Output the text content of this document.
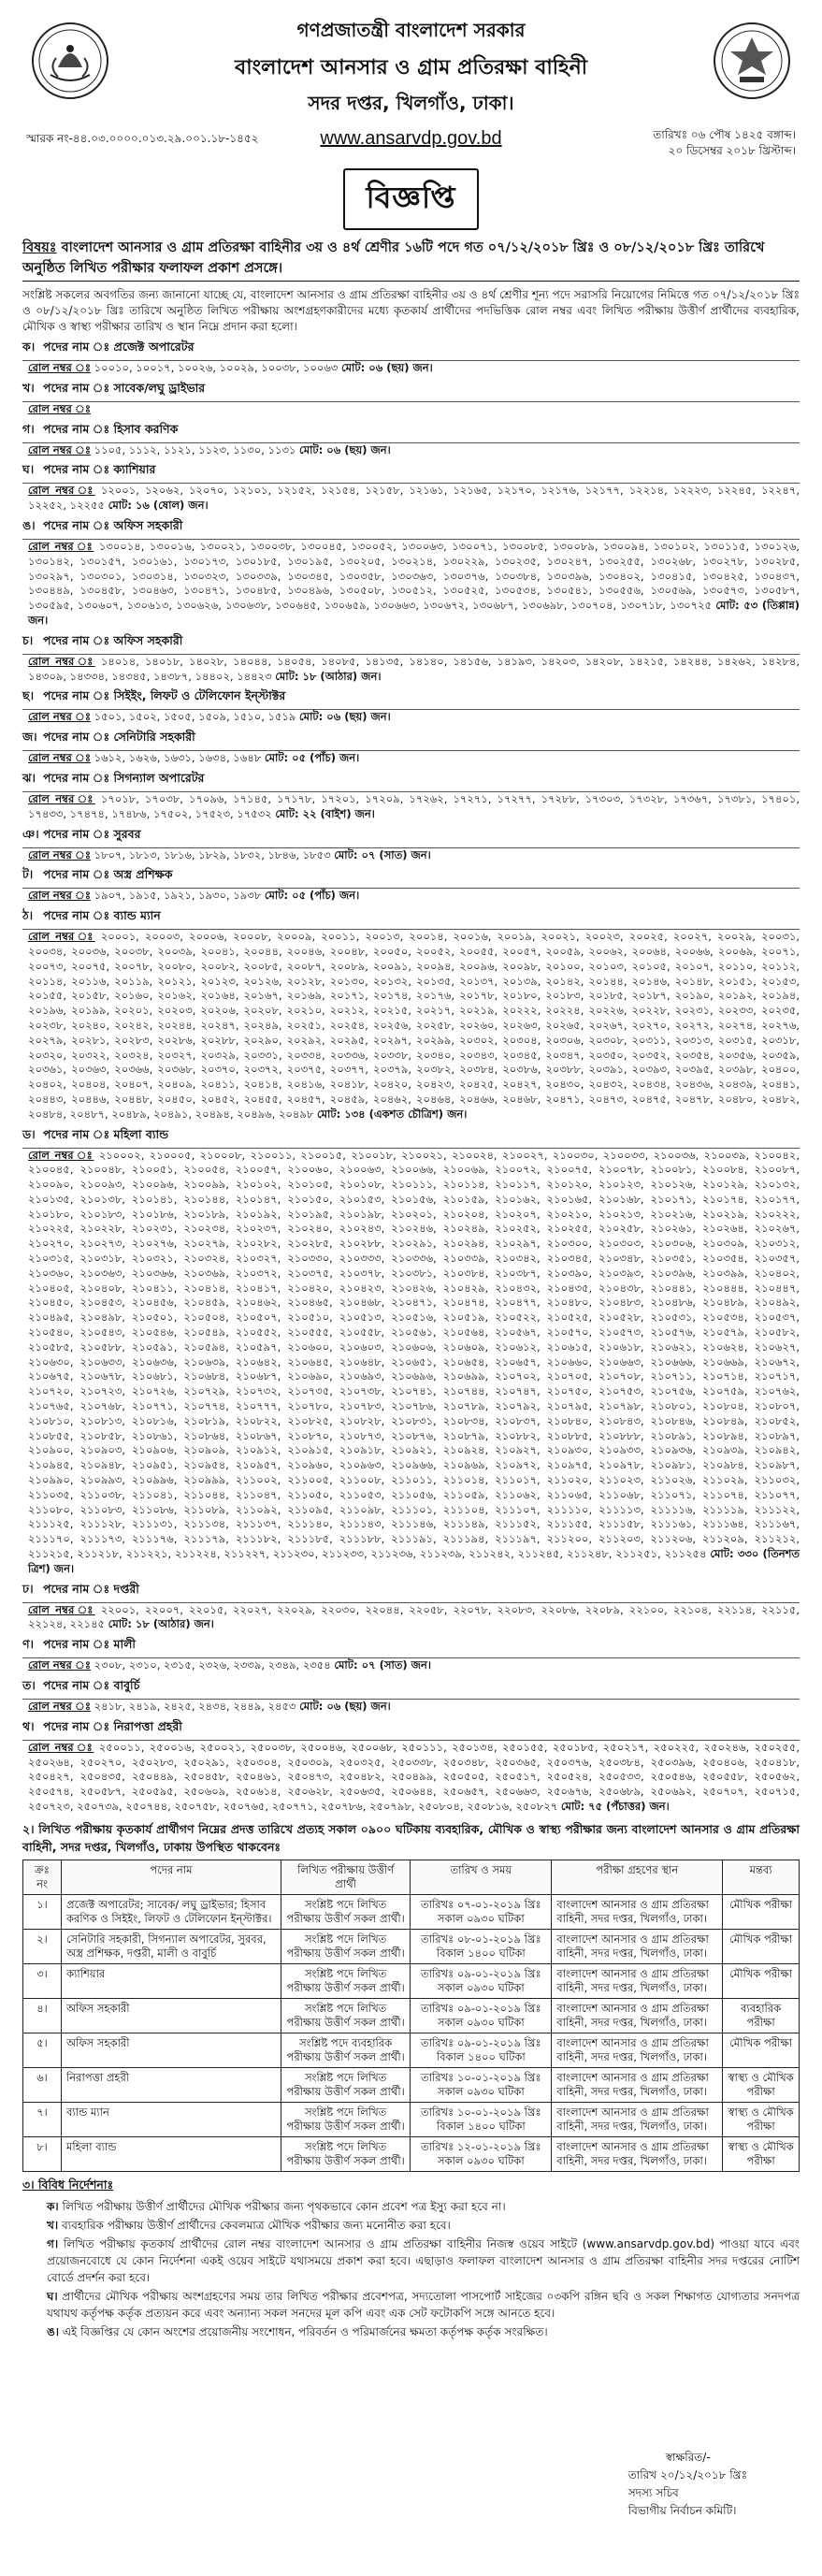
গণপ্রজাতন্ত্রী বাংলাদেশ সরকার
বাংলাদেশ আনসার ও গ্রাম প্রতিরক্ষা বাহিনী
সদর দপ্তর, খিলগাঁও, ঢাকা।
www.ansarvdp.gov.bd
স্মারক নং-৪৪.০৩.০০০০.০১৩.২৯.০০১.১৮-১৪৫২	তারিখঃ ০৬ পৌষ ১৪২৫ বঙ্গাব্দ।
২০ ডিসেম্বর ২০১৮ খ্রিস্টাব্দ।
বিজ্ঞপ্তি
বিষয়ঃ বাংলাদেশ আনসার ও গ্রাম প্রতিরক্ষা বাহিনীর ৩য় ও ৪র্থ শ্রেণীর ১৬টি পদে গত ০৭/১২/২০১৮ খ্রিঃ ও ০৮/১২/২০১৮ খ্রিঃ তারিখে অনুষ্ঠিত লিখিত পরীক্ষার ফলাফল প্রকাশ প্রসঙ্গে।
সংশ্লিষ্ট সকলের অবগতির জন্য জানানো যাচ্ছে যে, বাংলাদেশ আনসার ও গ্রাম প্রতিরক্ষা বাহিনীর ৩য় ও ৪র্থ শ্রেণীর শূন্য পদে সরাসরি নিয়োগের নিমিত্তে গত ০৭/১২/২০১৮ খ্রিঃ ও ০৮/১২/২০১৮ খ্রিঃ তারিখে অনুষ্ঠিত লিখিত পরীক্ষায় অংশগ্রহণকারীদের মধ্যে কৃতকার্য প্রার্থীদের পদভিত্তিক রোল নম্বর এবং লিখিত পরীক্ষায় উত্তীর্ণ প্রার্থীদের ব্যবহারিক, মৌখিক ও স্বাস্থ্য পরীক্ষার তারিখ ও স্থান নিম্নে প্রদান করা হলো।
ক। পদের নাম ঃ প্রজেক্ট অপারেটর
রোল নম্বর ঃ ১০০১০, ১০০১৭, ১০০২৬, ১০০২৯, ১০০৩৮, ১০০৬৩ মোট: ০৬ (ছয়) জন।
খ। পদের নাম ঃ সাবেক/লঘু ড্রাইভার
রোল নম্বর ঃ
গ। পদের নাম ঃ হিসাব করণিক
রোল নম্বর ঃ ১১০৫, ১১১২, ১১২১, ১১২৩, ১১৩০, ১১৩১ মোট: ০৬ (ছয়) জন।
ঘ। পদের নাম ঃ ক্যাশিয়ার
রোল নম্বর ঃ ১২০০১, ১২০৬২, ১২০৭০, ১২১০১, ১২১৫২, ১২১৫৪, ১২১৫৮, ১২১৬১, ১২১৬৫, ১২১৭০, ১২১৭৬, ১২১৭৭, ১২২১৪, ১২২২৩, ১২২৪৫, ১২২৪৭, ১২২৫২, ১২২৫৫ মোট: ১৬ (ষোল) জন।
ঙ। পদের নাম ঃ অফিস সহকারী
রোল নম্বর ঃ ১৩০০১৪, ১৩০০১৬, ১৩০০২১, ১৩০০৩৮, ১৩০০৪৫, ১৩০০৫২, ১৩০০৬৩, ১৩০০৭১, ১৩০০৮৫, ১৩০০৮৯, ১৩০০৯৪, ১৩০১০২, ১৩০১১৫, ১৩০১২৬, ১৩০১৪২, ১৩০১৫৭, ১৩০১৬১, ১৩০১৭৩, ১৩০১৮৫, ১৩০১৯৫, ১৩০২০৫, ১৩০২১৪, ১৩০২২৯, ১৩০২৩৫, ১৩০২৪৭, ১৩০২৫৫, ১৩০২৬৮, ১৩০২৭৮, ১৩০২৮৫, ১৩০২৯৭, ১৩০৩০১, ১৩০৩১৪, ১৩০৩২৩, ১৩০৩৩৯, ১৩০৩৪৫, ১৩০৩৫৮, ১৩০৩৬৩, ১৩০৩৭৬, ১৩০৩৮৪, ১৩০৩৯৬, ১৩০৪০২, ১৩০৪১৫, ১৩০৪২৫, ১৩০৪৩৭, ১৩০৪৪৯, ১৩০৪৫৮, ১৩০৪৬৩, ১৩০৪৭১, ১৩০৪৮৫, ১৩০৪৯৬, ১৩০৫০৮, ১৩০৫১২, ১৩০৫২৫, ১৩০৫৩৪, ১৩০৫৪১, ১৩০৫৫৬, ১৩০৫৬৯, ১৩০৫৭৩, ১৩০৫৮৭, ১৩০৫৯৫, ১৩০৬০৭, ১৩০৬১৩, ১৩০৬২৬, ১৩০৬৩৮, ১৩০৬৪৫, ১৩০৬৫৯, ১৩০৬৬৩, ১৩০৬৭২, ১৩০৬৮৭, ১৩০৬৯৮, ১৩০৭০৪, ১৩০৭১৮, ১৩০৭২৫ মোট: ৫৩ (তিপ্পান্ন) জন।
চ। পদের নাম ঃ অফিস সহকারী
রোল নম্বর ঃ ১৪০১৪, ১৪০১৮, ১৪০২৮, ১৪০৪৪, ১৪০৫৪, ১৪০৮৫, ১৪১৩৫, ১৪১৪০, ১৪১৫৬, ১৪১৯৩, ১৪২০৩, ১৪২০৮, ১৪২১৫, ১৪২৪৪, ১৪২৬২, ১৪২৮৪, ১৪৩০৯, ১৪৩৩৪, ১৪৩৪৫, ১৪৩৮৭, ১৪৪০২, ১৪৪২৩ মোট: ১৮ (আঠার) জন।
ছ। পদের নাম ঃ সিইইং, লিফট ও টেলিফোন ইন্স্টাক্টর
রোল নম্বর ঃ ১৫০১, ১৫০২, ১৫০৫, ১৫০৯, ১৫১০, ১৫১৯ মোট: ০৬ (ছয়) জন।
জ। পদের নাম ঃ সেনিটারি সহকারী
রোল নম্বর ঃ ১৬১২, ১৬২৬, ১৬৩১, ১৬৩৪, ১৬৪৮ মোট: ০৫ (পাঁচ) জন।
ঝ। পদের নাম ঃ সিগন্যাল অপারেটর
রোল নম্বর ঃ ১৭০১৮, ১৭০৩৮, ১৭০৯৬, ১৭১৪৫, ১৭১৭৮, ১৭২০১, ১৭২০৯, ১৭২৬২, ১৭২৭১, ১৭২৭৭, ১৭২৮৮, ১৭৩০৩, ১৭৩২৮, ১৭৩৬৭, ১৭৩৮১, ১৭৪০১, ১৭৪৩৩, ১৭৪৭৪, ১৭৪৮৬, ১৭৫০২, ১৭৫২৩, ১৭৫৩২ মোট: ২২ (বাইশ) জন।
ঞ। পদের নাম ঃ সুরবর
রোল নম্বর ঃ ১৮০৭, ১৮১৩, ১৮১৬, ১৮২৯, ১৮৩২, ১৮৪৬, ১৮৫৩ মোট: ০৭ (সাত) জন।
ট। পদের নাম ঃ অস্ত্র প্রশিক্ষক
রোল নম্বর ঃ ১৯০৭, ১৯১৫, ১৯২১, ১৯৩০, ১৯৩৮ মোট: ০৫ (পাঁচ) জন।
ঠ। পদের নাম ঃ ব্যান্ড ম্যান
রোল নম্বর ঃ ২০০০১, ২০০০৩, ২০০০৬, ২০০০৮, ২০০০৯, ২০০১১, ২০০১৩, ২০০১৪, ২০০১৬, ২০০১৯, ২০০২১, ২০০২৩, ২০০২৫, ২০০২৭, ২০০২৯, ২০০৩১, ২০০৩৪, ২০০৩৬, ২০০৩৮, ২০০৩৯, ২০০৪১, ২০০৪৪, ২০০৪৬, ২০০৪৮, ২০০৫০, ২০০৫২, ২০০৫৫, ২০০৫৭, ২০০৫৯, ২০০৬২, ২০০৬৪, ২০০৬৬, ২০০৬৯, ২০০৭১, ২০০৭৩, ২০০৭৫, ২০০৭৮, ২০০৮০, ২০০৮২, ২০০৮৫, ২০০৮৭, ২০০৮৯, ২০০৯১, ২০০৯৪, ২০০৯৬, ২০০৯৮, ২০১০০, ২০১০৩, ২০১০৫, ২০১০৭, ২০১১০, ২০১১২, ২০১১৪, ২০১১৬, ২০১১৯, ২০১২১, ২০১২৩, ২০১২৬, ২০১২৮, ২০১৩০, ২০১৩২, ২০১৩৫, ২০১৩৭, ২০১৩৯, ২০১৪২, ২০১৪৪, ২০১৪৬, ২০১৪৮, ২০১৫১, ২০১৫৩, ২০১৫৫, ২০১৫৮, ২০১৬০, ২০১৬২, ২০১৬৪, ২০১৬৭, ২০১৬৯, ২০১৭১, ২০১৭৪, ২০১৭৬, ২০১৭৮, ২০১৮০, ২০১৮৩, ২০১৮৫, ২০১৮৭, ২০১৯০, ২০১৯২, ২০১৯৪, ২০১৯৬, ২০১৯৯, ২০২০১, ২০২০৩, ২০২০৬, ২০২০৮, ২০২১০, ২০২১২, ২০২১৫, ২০২১৭, ২০২১৯, ২০২২২, ২০২২৪, ২০২২৬, ২০২২৮, ২০২৩১, ২০২৩৩, ২০২৩৫, ২০২৩৮, ২০২৪০, ২০২৪২, ২০২৪৪, ২০২৪৭, ২০২৪৯, ২০২৫১, ২০২৫৪, ২০২৫৬, ২০২৫৮, ২০২৬০, ২০২৬৩, ২০২৬৫, ২০২৬৭, ২০২৭০, ২০২৭২, ২০২৭৪, ২০২৭৬, ২০২৭৯, ২০২৮১, ২০২৮৩, ২০২৮৬, ২০২৮৮, ২০২৯০, ২০২৯২, ২০২৯৫, ২০২৯৭, ২০২৯৯, ২০৩০২, ২০৩০৪, ২০৩০৬, ২০৩০৮, ২০৩১১, ২০৩১৩, ২০৩১৫, ২০৩১৮, ২০৩২০, ২০৩২২, ২০৩২৪, ২০৩২৭, ২০৩২৯, ২০৩৩১, ২০৩৩৪, ২০৩৩৬, ২০৩৩৮, ২০৩৪০, ২০৩৪৩, ২০৩৪৫, ২০৩৪৭, ২০৩৫০, ২০৩৫২, ২০৩৫৪, ২০৩৫৬, ২০৩৫৯, ২০৩৬১, ২০৩৬৩, ২০৩৬৬, ২০৩৬৮, ২০৩৭০, ২০৩৭২, ২০৩৭৫, ২০৩৭৭, ২০৩৭৯, ২০৩৮২, ২০৩৮৪, ২০৩৮৬, ২০৩৮৮, ২০৩৯১, ২০৩৯৩, ২০৩৯৫, ২০৩৯৮, ২০৪০০, ২০৪০২, ২০৪০৪, ২০৪০৭, ২০৪০৯, ২০৪১১, ২০৪১৪, ২০৪১৬, ২০৪১৮, ২০৪২০, ২০৪২৩, ২০৪২৫, ২০৪২৭, ২০৪৩০, ২০৪৩২, ২০৪৩৪, ২০৪৩৬, ২০৪৩৯, ২০৪৪১, ২০৪৪৩, ২০৪৪৬, ২০৪৪৮, ২০৪৫০, ২০৪৫২, ২০৪৫৫, ২০৪৫৭, ২০৪৫৯, ২০৪৬২, ২০৪৬৪, ২০৪৬৬, ২০৪৬৮, ২০৪৭১, ২০৪৭৩, ২০৪৭৫, ২০৪৭৮, ২০৪৮০, ২০৪৮২, ২০৪৮৪, ২০৪৮৭, ২০৪৮৯, ২০৪৯১, ২০৪৯৪, ২০৪৯৬, ২০৪৯৮ মোট: ১৩৪ (একশত চৌত্রিশ) জন।
ড। পদের নাম ঃ মহিলা ব্যান্ড
রোল নম্বর ঃ ২১০০০২, ২১০০০৫, ২১০০০৮, ২১০০১১, ২১০০১৫, ২১০০১৮, ২১০০২১, ২১০০২৪, ২১০০২৭, ২১০০৩০, ২১০০৩৩, ২১০০৩৬, ২১০০৩৯, ২১০০৪২, ২১০০৪৫, ২১০০৪৮, ২১০০৫১, ২১০০৫৪, ২১০০৫৭, ২১০০৬০, ২১০০৬৩, ২১০০৬৬, ২১০০৬৯, ২১০০৭২, ২১০০৭৫, ২১০০৭৮, ২১০০৮১, ২১০০৮৪, ২১০০৮৭, ২১০০৯০, ২১০০৯৩, ২১০০৯৬, ২১০০৯৯, ২১০১০২, ২১০১০৫, ২১০১০৮, ২১০১১১, ২১০১১৪, ২১০১১৭, ২১০১২০, ২১০১২৩, ২১০১২৬, ২১০১২৯, ২১০১৩২, ২১০১৩৫, ২১০১৩৮, ২১০১৪১, ২১০১৪৪, ২১০১৪৭, ২১০১৫০, ২১০১৫৩, ২১০১৫৬, ২১০১৫৯, ২১০১৬২, ২১০১৬৫, ২১০১৬৮, ২১০১৭১, ২১০১৭৪, ২১০১৭৭, ২১০১৮০, ২১০১৮৩, ২১০১৮৬, ২১০১৮৯, ২১০১৯২, ২১০১৯৫, ২১০১৯৮, ২১০২০১, ২১০২০৪, ২১০২০৭, ২১০২১০, ২১০২১৩, ২১০২১৬, ২১০২১৯, ২১০২২২, ২১০২২৫, ২১০২২৮, ২১০২৩১, ২১০২৩৪, ২১০২৩৭, ২১০২৪০, ২১০২৪৩, ২১০২৪৬, ২১০২৪৯, ২১০২৫২, ২১০২৫৫, ২১০২৫৮, ২১০২৬১, ২১০২৬৪, ২১০২৬৭, ২১০২৭০, ২১০২৭৩, ২১০২৭৬, ২১০২৭৯, ২১০২৮২, ২১০২৮৫, ২১০২৮৮, ২১০২৯১, ২১০২৯৪, ২১০২৯৭, ২১০৩০০, ২১০৩০৩, ২১০৩০৬, ২১০৩০৯, ২১০৩১২, ২১০৩১৫, ২১০৩১৮, ২১০৩২১, ২১০৩২৪, ২১০৩২৭, ২১০৩৩০, ২১০৩৩৩, ২১০৩৩৬, ২১০৩৩৯, ২১০৩৪২, ২১০৩৪৫, ২১০৩৪৮, ২১০৩৫১, ২১০৩৫৪, ২১০৩৫৭, ২১০৩৬০, ২১০৩৬৩, ২১০৩৬৬, ২১০৩৬৯, ২১০৩৭২, ২১০৩৭৫, ২১০৩৭৮, ২১০৩৮১, ২১০৩৮৪, ২১০৩৮৭, ২১০৩৯০, ২১০৩৯৩, ২১০৩৯৬, ২১০৩৯৯, ২১০৪০২, ২১০৪০৫, ২১০৪০৮, ২১০৪১১, ২১০৪১৪, ২১০৪১৭, ২১০৪২০, ২১০৪২৩, ২১০৪২৬, ২১০৪২৯, ২১০৪৩২, ২১০৪৩৫, ২১০৪৩৮, ২১০৪৪১, ২১০৪৪৪, ২১০৪৪৭, ২১০৪৫০, ২১০৪৫৩, ২১০৪৫৬, ২১০৪৫৯, ২১০৪৬২, ২১০৪৬৫, ২১০৪৬৮, ২১০৪৭১, ২১০৪৭৪, ২১০৪৭৭, ২১০৪৮০, ২১০৪৮৩, ২১০৪৮৬, ২১০৪৮৯, ২১০৪৯২, ২১০৪৯৫, ২১০৪৯৮, ২১০৫০১, ২১০৫০৪, ২১০৫০৭, ২১০৫১০, ২১০৫১৩, ২১০৫১৬, ২১০৫১৯, ২১০৫২২, ২১০৫২৫, ২১০৫২৮, ২১০৫৩১, ২১০৫৩৪, ২১০৫৩৭, ২১০৫৪০, ২১০৫৪৩, ২১০৫৪৬, ২১০৫৪৯, ২১০৫৫২, ২১০৫৫৫, ২১০৫৫৮, ২১০৫৬১, ২১০৫৬৪, ২১০৫৬৭, ২১০৫৭০, ২১০৫৭৩, ২১০৫৭৬, ২১০৫৭৯, ২১০৫৮২, ২১০৫৮৫, ২১০৫৮৮, ২১০৫৯১, ২১০৫৯৪, ২১০৫৯৭, ২১০৬০০, ২১০৬০৩, ২১০৬০৬, ২১০৬০৯, ২১০৬১২, ২১০৬১৫, ২১০৬১৮, ২১০৬২১, ২১০৬২৪, ২১০৬২৭, ২১০৬৩০, ২১০৬৩৩, ২১০৬৩৬, ২১০৬৩৯, ২১০৬৪২, ২১০৬৪৫, ২১০৬৪৮, ২১০৬৫১, ২১০৬৫৪, ২১০৬৫৭, ২১০৬৬০, ২১০৬৬৩, ২১০৬৬৬, ২১০৬৬৯, ২১০৬৭২, ২১০৬৭৫, ২১০৬৭৮, ২১০৬৮১, ২১০৬৮৪, ২১০৬৮৭, ২১০৬৯০, ২১০৬৯৩, ২১০৬৯৬, ২১০৬৯৯, ২১০৭০২, ২১০৭০৫, ২১০৭০৮, ২১০৭১১, ২১০৭১৪, ২১০৭১৭, ২১০৭২০, ২১০৭২৩, ২১০৭২৬, ২১০৭২৯, ২১০৭৩২, ২১০৭৩৫, ২১০৭৩৮, ২১০৭৪১, ২১০৭৪৪, ২১০৭৪৭, ২১০৭৫০, ২১০৭৫৩, ২১০৭৫৬, ২১০৭৫৯, ২১০৭৬২, ২১০৭৬৫, ২১০৭৬৮, ২১০৭৭১, ২১০৭৭৪, ২১০৭৭৭, ২১০৭৮০, ২১০৭৮৩, ২১০৭৮৬, ২১০৭৮৯, ২১০৭৯২, ২১০৭৯৫, ২১০৭৯৮, ২১০৮০১, ২১০৮০৪, ২১০৮০৭, ২১০৮১০, ২১০৮১৩, ২১০৮১৬, ২১০৮১৯, ২১০৮২২, ২১০৮২৫, ২১০৮২৮, ২১০৮৩১, ২১০৮৩৪, ২১০৮৩৭, ২১০৮৪০, ২১০৮৪৩, ২১০৮৪৬, ২১০৮৪৯, ২১০৮৫২, ২১০৮৫৫, ২১০৮৫৮, ২১০৮৬১, ২১০৮৬৪, ২১০৮৬৭, ২১০৮৭০, ২১০৮৭৩, ২১০৮৭৬, ২১০৮৭৯, ২১০৮৮২, ২১০৮৮৫, ২১০৮৮৮, ২১০৮৯১, ২১০৮৯৪, ২১০৮৯৭, ২১০৯০০, ২১০৯০৩, ২১০৯০৬, ২১০৯০৯, ২১০৯১২, ২১০৯১৫, ২১০৯১৮, ২১০৯২১, ২১০৯২৪, ২১০৯২৭, ২১০৯৩০, ২১০৯৩৩, ২১০৯৩৬, ২১০৯৩৯, ২১০৯৪২, ২১০৯৪৫, ২১০৯৪৮, ২১০৯৫১, ২১০৯৫৪, ২১০৯৫৭, ২১০৯৬০, ২১০৯৬৩, ২১০৯৬৬, ২১০৯৬৯, ২১০৯৭২, ২১০৯৭৫, ২১০৯৭৮, ২১০৯৮১, ২১০৯৮৪, ২১০৯৮৭, ২১০৯৯০, ২১০৯৯৩, ২১০৯৯৬, ২১০৯৯৯, ২১১০০২, ২১১০০৫, ২১১০০৮, ২১১০১১, ২১১০১৪, ২১১০১৭, ২১১০২০, ২১১০২৩, ২১১০২৬, ২১১০২৯, ২১১০৩২, ২১১০৩৫, ২১১০৩৮, ২১১০৪১, ২১১০৪৪, ২১১০৪৭, ২১১০৫০, ২১১০৫৩, ২১১০৫৬, ২১১০৫৯, ২১১০৬২, ২১১০৬৫, ২১১০৬৮, ২১১০৭১, ২১১০৭৪, ২১১০৭৭, ২১১০৮০, ২১১০৮৩, ২১১০৮৬, ২১১০৮৯, ২১১০৯২, ২১১০৯৫, ২১১০৯৮, ২১১১০১, ২১১১০৪, ২১১১০৭, ২১১১১০, ২১১১১৩, ২১১১১৬, ২১১১১৯, ২১১১২২, ২১১১২৫, ২১১১২৮, ২১১১৩১, ২১১১৩৪, ২১১১৩৭, ২১১১৪০, ২১১১৪৩, ২১১১৪৬, ২১১১৪৯, ২১১১৫২, ২১১১৫৫, ২১১১৫৮, ২১১১৬১, ২১১১৬৪, ২১১১৬৭, ২১১১৭০, ২১১১৭৩, ২১১১৭৬, ২১১১৭৯, ২১১১৮২, ২১১১৮৫, ২১১১৮৮, ২১১১৯১, ২১১১৯৪, ২১১১৯৭, ২১১২০০, ২১১২০৩, ২১১২০৬, ২১১২০৯, ২১১২১২, ২১১২১৫, ২১১২১৮, ২১১২২১, ২১১২২৪, ২১১২২৭, ২১১২৩০, ২১১২৩৩, ২১১২৩৬, ২১১২৩৯, ২১১২৪২, ২১১২৪৫, ২১১২৪৮, ২১১২৫১, ২১১২৫৪ মোট: ৩৩০ (তিনশত ত্রিশ) জন।
ঢ। পদের নাম ঃ দপ্তরী
রোল নম্বর ঃ ২২০০১, ২২০০৭, ২২০১৫, ২২০২৭, ২২০২৯, ২২০৩০, ২২০৪৪, ২২০৫৮, ২২০৭৮, ২২০৮৩, ২২০৮৬, ২২০৮৯, ২২১০০, ২২১০৪, ২২১১৪, ২২১১৫, ২২১২৪, ২২১৪৫ মোট: ১৮ (আঠার) জন।
ণ। পদের নাম ঃ মালী
রোল নম্বর ঃ ২৩০৮, ২৩১০, ২৩১৫, ২৩২৬, ২৩৩৯, ২৩৪৯, ২৩৫৪ মোট: ০৭ (সাত) জন।
ত। পদের নাম ঃ বাবুর্চি
রোল নম্বর ঃ ২৪১৮, ২৪১৯, ২৪২৫, ২৪৩৪, ২৪৪৯, ২৪৫৩ মোট: ০৬ (ছয়) জন।
থ। পদের নাম ঃ নিরাপত্তা প্রহরী
রোল নম্বর ঃ ২৫০০১১, ২৫০০১৬, ২৫০০২১, ২৫০০৩৮, ২৫০০৪৬, ২৫০০৬৮, ২৫০১১১, ২৫০১৩৪, ২৫০১৫৫, ২৫০১৮৫, ২৫০২১৭, ২৫০২২৫, ২৫০২৪৬, ২৫০২৫৫, ২৫০২৬৪, ২৫০২৭০, ২৫০২৮৩, ২৫০২৯১, ২৫০৩০৪, ২৫০৩০৯, ২৫০৩২৫, ২৫০৩৩৮, ২৫০৩৪৮, ২৫০৩৬৫, ২৫০৩৭৬, ২৫০৩৮৪, ২৫০৩৯৬, ২৫০৪০৬, ২৫০৪১৮, ২৫০৪২৭, ২৫০৪৩৫, ২৫০৪৪৯, ২৫০৪৫৮, ২৫০৪৬১, ২৫০৪৭৩, ২৫০৪৮২, ২৫০৪৯৯, ২৫০৫০৫, ২৫০৫১৭, ২৫০৫২৪, ২৫০৫৩৩, ২৫০৫৪৬, ২৫০৫৫৮, ২৫০৫৬২, ২৫০৫৭৪, ২৫০৫৮৭, ২৫০৫৯৫, ২৫০৬০৯, ২৫০৬১৪, ২৫০৬২৮, ২৫০৬৩৫, ২৫০৬৪৪, ২৫০৬৫৭, ২৫০৬৬৩, ২৫০৬৭৬, ২৫০৬৮৯, ২৫০৬৯২, ২৫০৭০৭, ২৫০৭১৫, ২৫০৭২৩, ২৫০৭৩৯, ২৫০৭৪৪, ২৫০৭৫৮, ২৫০৭৬৫, ২৫০৭৭১, ২৫০৭৮৬, ২৫০৭৯৮, ২৫০৮০৪, ২৫০৮১৬, ২৫০৮২৭ মোট: ৭৫ (পঁচাত্তর) জন।
২। লিখিত পরীক্ষায় কৃতকার্য প্রার্থীগণ নিম্নের প্রদত্ত তারিখে প্রত্যহ সকাল ০৯০০ ঘটিকায় ব্যবহারিক, মৌখিক ও স্বাস্থ্য পরীক্ষার জন্য বাংলাদেশ আনসার ও গ্রাম প্রতিরক্ষা বাহিনী, সদর দপ্তর, খিলগাঁও, ঢাকায় উপস্থিত থাকবেনঃ
ক্রঃ নং	পদের নাম	লিখিত পরীক্ষায় উত্তীর্ণ প্রার্থী	তারিখ ও সময়	পরীক্ষা গ্রহণের স্থান	মন্তব্য
১।	প্রজেক্ট অপারেটর; সাবেক/ লঘু ড্রাইভার; হিসাব করণিক ও সিইইং, লিফট ও টেলিফোন ইন্স্টাক্টর।	সংশ্লিষ্ট পদে লিখিত পরীক্ষায় উত্তীর্ণ সকল প্রার্থী।	তারিখঃ ০৭-০১-২০১৯ খ্রিঃ সকাল ০৯৩০ ঘটিকা	বাংলাদেশ আনসার ও গ্রাম প্রতিরক্ষা বাহিনী, সদর দপ্তর, খিলগাঁও, ঢাকা।	মৌখিক পরীক্ষা
২।	সেনিটারি সহকারী, সিগন্যাল অপারেটর, সুরবর, অস্ত্র প্রশিক্ষক, দপ্তরী, মালী ও বাবুর্চি	সংশ্লিষ্ট পদে লিখিত পরীক্ষায় উত্তীর্ণ সকল প্রার্থী।	তারিখঃ ০৮-০১-২০১৯ খ্রিঃ বিকাল ১৪০০ ঘটিকা	বাংলাদেশ আনসার ও গ্রাম প্রতিরক্ষা বাহিনী, সদর দপ্তর, খিলগাঁও, ঢাকা।	মৌখিক পরীক্ষা
৩।	ক্যাশিয়ার	সংশ্লিষ্ট পদে লিখিত পরীক্ষায় উত্তীর্ণ সকল প্রার্থী।	তারিখঃ ০৯-০১-২০১৯ খ্রিঃ সকাল ০৯৩০ ঘটিকা	বাংলাদেশ আনসার ও গ্রাম প্রতিরক্ষা বাহিনী, সদর দপ্তর, খিলগাঁও, ঢাকা।	মৌখিক পরীক্ষা
৪।	অফিস সহকারী	সংশ্লিষ্ট পদে লিখিত পরীক্ষায় উত্তীর্ণ সকল প্রার্থী।	তারিখঃ ০৯-০১-২০১৯ খ্রিঃ সকাল ০৯৩০ ঘটিকা	বাংলাদেশ আনসার ও গ্রাম প্রতিরক্ষা বাহিনী, সদর দপ্তর, খিলগাঁও, ঢাকা।	ব্যবহারিক পরীক্ষা
৫।	অফিস সহকারী	সংশ্লিষ্ট পদে ব্যবহারিক পরীক্ষায় উত্তীর্ণ সকল প্রার্থী।	তারিখঃ ০৯-০১-২০১৯ খ্রিঃ বিকাল ১৪০০ ঘটিকা	বাংলাদেশ আনসার ও গ্রাম প্রতিরক্ষা বাহিনী, সদর দপ্তর, খিলগাঁও, ঢাকা।	মৌখিক পরীক্ষা
৬।	নিরাপত্তা প্রহরী	সংশ্লিষ্ট পদে লিখিত পরীক্ষায় উত্তীর্ণ সকল প্রার্থী।	তারিখঃ ১০-০১-২০১৯ খ্রিঃ সকাল ০৯৩০ ঘটিকা	বাংলাদেশ আনসার ও গ্রাম প্রতিরক্ষা বাহিনী, সদর দপ্তর, খিলগাঁও, ঢাকা।	স্বাস্থ্য ও মৌখিক পরীক্ষা
৭।	ব্যান্ড ম্যান	সংশ্লিষ্ট পদে লিখিত পরীক্ষায় উত্তীর্ণ সকল প্রার্থী।	তারিখঃ ১০-০১-২০১৯ খ্রিঃ বিকাল ১৪০০ ঘটিকা	বাংলাদেশ আনসার ও গ্রাম প্রতিরক্ষা বাহিনী, সদর দপ্তর, খিলগাঁও, ঢাকা।	স্বাস্থ্য ও মৌখিক পরীক্ষা
৮।	মহিলা ব্যান্ড	সংশ্লিষ্ট পদে লিখিত পরীক্ষায় উত্তীর্ণ সকল প্রার্থী।	তারিখঃ ১২-০১-২০১৯ খ্রিঃ সকাল ০৯৩০ ঘটিকা	বাংলাদেশ আনসার ও গ্রাম প্রতিরক্ষা বাহিনী, সদর দপ্তর, খিলগাঁও, ঢাকা।	স্বাস্থ্য ও মৌখিক পরীক্ষা
৩। বিবিধ নির্দেশনাঃ
ক। লিখিত পরীক্ষায় উত্তীর্ণ প্রার্থীদের মৌখিক পরীক্ষার জন্য পৃথকভাবে কোন প্রবেশ পত্র ইস্যু করা হবে না।
খ। ব্যবহারিক পরীক্ষায় উত্তীর্ণ প্রার্থীদের কেবলমাত্র মৌখিক পরীক্ষার জন্য মনোনীত করা হবে।
গ। লিখিত পরীক্ষায় কৃতকার্য প্রার্থীদের রোল নম্বর বাংলাদেশ আনসার ও গ্রাম প্রতিরক্ষা বাহিনীর নিজস্ব ওয়েব সাইটে (www.ansarvdp.gov.bd) পাওয়া যাবে এবং প্রয়োজনবোধে যে কোন নির্দেশনা একই ওয়েব সাইটে যথাসময়ে প্রকাশ করা হবে। এছাড়াও ফলাফল বাংলাদেশ আনসার ও গ্রাম প্রতিরক্ষা বাহিনীর সদর দপ্তরের নোটিশ বোর্ডে প্রদর্শন করা হবে।
ঘ। প্রার্থীদের মৌখিক পরীক্ষায় অংশগ্রহণের সময় তার লিখিত পরীক্ষার প্রবেশপত্র, সদ্যতোলা পাসপোর্ট সাইজের ০৩কপি রঙ্গিন ছবি ও সকল শিক্ষাগত যোগ্যতার সনদপত্র যথাযথ কর্তৃপক্ষ কর্তৃক প্রত্যয়ন করে এবং অন্যান্য সকল সনদের মূল কপি এবং এক সেট ফটোকপি সঙ্গে আনতে হবে।
ঙ। এই বিজ্ঞপ্তির যে কোন অংশের প্রয়োজনীয় সংশোধন, পরিবর্তন ও পরিমার্জনের ক্ষমতা কর্তৃপক্ষ কর্তৃক সংরক্ষিত।
স্বাক্ষরিত/-
তারিখ ২০/১২/২০১৮ খ্রিঃ
সদস্য সচিব
বিভাগীয় নির্বাচন কমিটি।
